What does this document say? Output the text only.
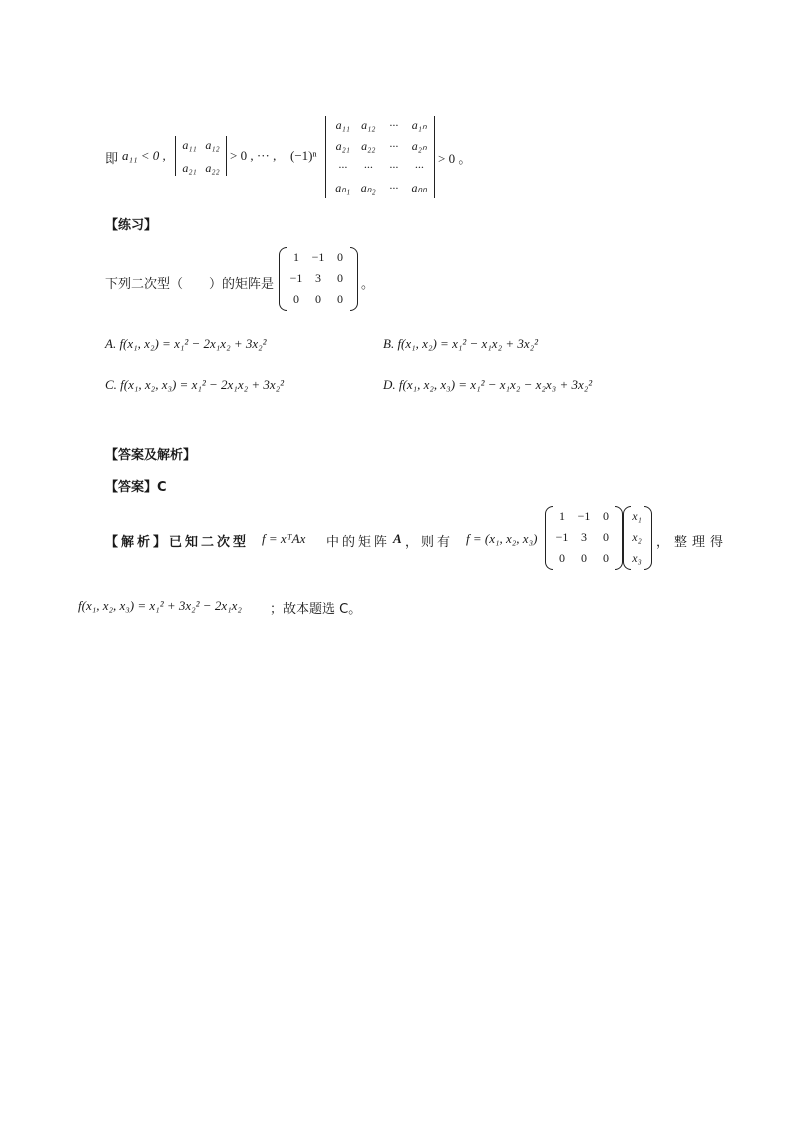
即 a₁₁ < 0 ,
a₁₁ a₁₂
a₂₁ a₂₂
> 0 , ··· , (−1)ⁿ
a₁₁ a₁₂	···	a₁ₙ
a₂₁ a₂₂	···	a₂ₙ
···	···	···	···
aₙ₁ aₙ₂	···	aₙₙ
> 0 。
【练习】
下列二次型（　　）的矩阵是
1	−1	0
−1	3	0
0	0	0
。
A. f(x₁, x₂) = x₁² − 2x₁x₂ + 3x₂²	B. f(x₁, x₂) = x₁² − x₁x₂ + 3x₂²
C. f(x₁, x₂, x₃) = x₁² − 2x₁x₂ + 3x₂²	D. f(x₁, x₂, x₃) = x₁² − x₁x₂ − x₂x₃ + 3x₂²
【答案及解析】
【答案】C
【解析】已知二次型 f = xᵀAx 中的矩阵 A ，则有 f = (x₁, x₂, x₃)
1	−1	0
−1	3	0
0	0	0
x₁
x₂
x₃
，整理得
f(x₁, x₂, x₃) = x₁² + 3x₂² − 2x₁x₂ ；故本题选 C。
